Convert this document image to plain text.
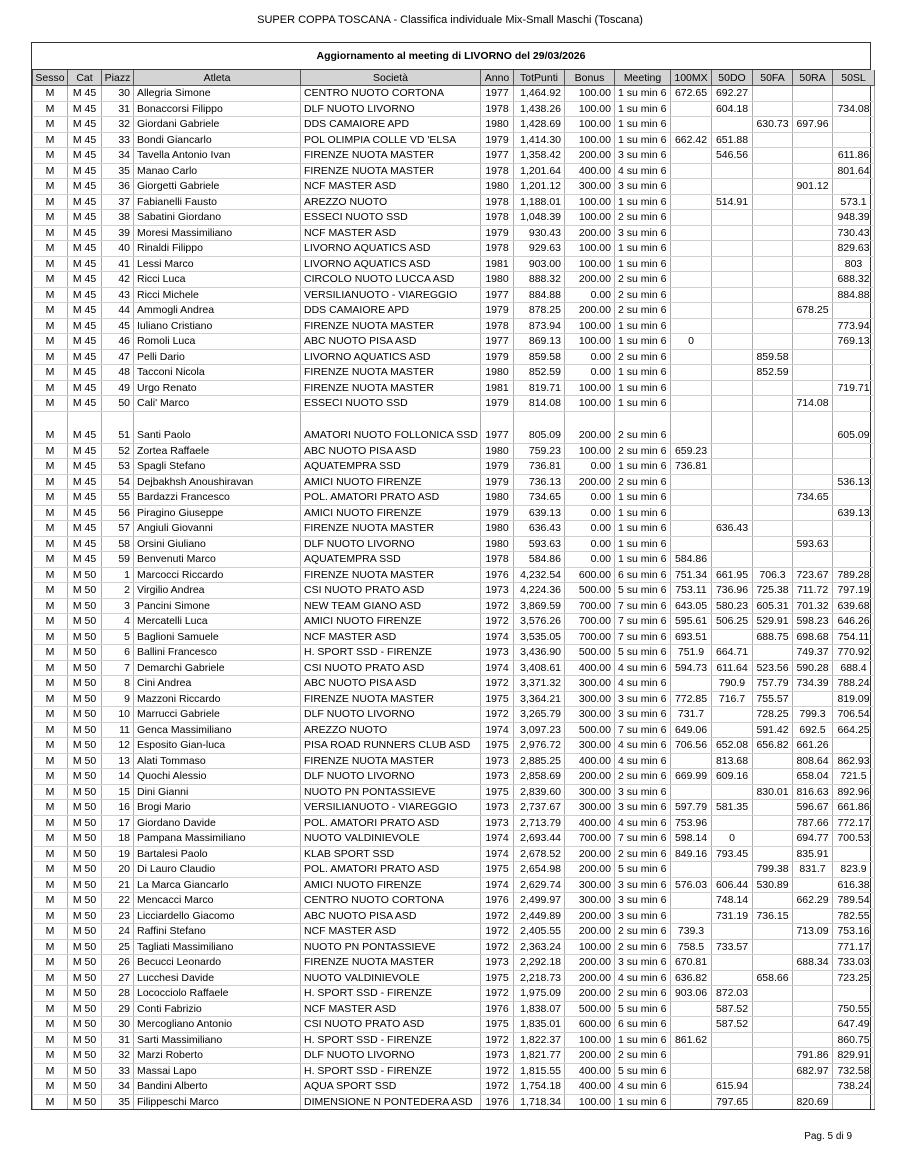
SUPER COPPA TOSCANA - Classifica individuale Mix-Small Maschi (Toscana)
Aggiornamento al meeting di LIVORNO del 29/03/2026
Sesso	Cat	Piazz	Atleta	Società	Anno	TotPunti	Bonus	Meeting	100MX	50DO	50FA	50RA	50SL
M	M 45	30	Allegria Simone	CENTRO NUOTO CORTONA	1977	1,464.92	100.00	1 su min 6	672.65	692.27			
M	M 45	31	Bonaccorsi Filippo	DLF NUOTO LIVORNO	1978	1,438.26	100.00	1 su min 6		604.18			734.08
M	M 45	32	Giordani Gabriele	DDS CAMAIORE APD	1980	1,428.69	100.00	1 su min 6			630.73	697.96	
M	M 45	33	Bondi Giancarlo	POL OLIMPIA COLLE VD 'ELSA	1979	1,414.30	100.00	1 su min 6	662.42	651.88			
M	M 45	34	Tavella Antonio Ivan	FIRENZE NUOTA MASTER	1977	1,358.42	200.00	3 su min 6		546.56			611.86
M	M 45	35	Manao Carlo	FIRENZE NUOTA MASTER	1978	1,201.64	400.00	4 su min 6					801.64
M	M 45	36	Giorgetti Gabriele	NCF MASTER ASD	1980	1,201.12	300.00	3 su min 6				901.12	
M	M 45	37	Fabianelli Fausto	AREZZO NUOTO	1978	1,188.01	100.00	1 su min 6		514.91			573.1
M	M 45	38	Sabatini Giordano	ESSECI NUOTO SSD	1978	1,048.39	100.00	2 su min 6					948.39
M	M 45	39	Moresi Massimiliano	NCF MASTER ASD	1979	930.43	200.00	3 su min 6					730.43
M	M 45	40	Rinaldi Filippo	LIVORNO AQUATICS ASD	1978	929.63	100.00	1 su min 6					829.63
M	M 45	41	Lessi Marco	LIVORNO AQUATICS ASD	1981	903.00	100.00	1 su min 6					803
M	M 45	42	Ricci Luca	CIRCOLO NUOTO LUCCA ASD	1980	888.32	200.00	2 su min 6					688.32
M	M 45	43	Ricci Michele	VERSILIANUOTO - VIAREGGIO	1977	884.88	0.00	2 su min 6					884.88
M	M 45	44	Ammogli Andrea	DDS CAMAIORE APD	1979	878.25	200.00	2 su min 6				678.25	
M	M 45	45	Iuliano Cristiano	FIRENZE NUOTA MASTER	1978	873.94	100.00	1 su min 6					773.94
M	M 45	46	Romoli Luca	ABC NUOTO PISA ASD	1977	869.13	100.00	1 su min 6	0				769.13
M	M 45	47	Pelli Dario	LIVORNO AQUATICS ASD	1979	859.58	0.00	2 su min 6			859.58		
M	M 45	48	Tacconi Nicola	FIRENZE NUOTA MASTER	1980	852.59	0.00	1 su min 6			852.59		
M	M 45	49	Urgo Renato	FIRENZE NUOTA MASTER	1981	819.71	100.00	1 su min 6					719.71
M	M 45	50	Cali' Marco	ESSECI NUOTO SSD	1979	814.08	100.00	1 su min 6				714.08	
M	M 45	51	Santi Paolo	AMATORI NUOTO FOLLONICA SSD	1977	805.09	200.00	2 su min 6					605.09
M	M 45	52	Zortea Raffaele	ABC NUOTO PISA ASD	1980	759.23	100.00	2 su min 6	659.23				
M	M 45	53	Spagli Stefano	AQUATEMPRA SSD	1979	736.81	0.00	1 su min 6	736.81				
M	M 45	54	Dejbakhsh Anoushiravan	AMICI NUOTO FIRENZE	1979	736.13	200.00	2 su min 6					536.13
M	M 45	55	Bardazzi Francesco	POL. AMATORI PRATO ASD	1980	734.65	0.00	1 su min 6				734.65	
M	M 45	56	Piragino Giuseppe	AMICI NUOTO FIRENZE	1979	639.13	0.00	1 su min 6					639.13
M	M 45	57	Angiuli Giovanni	FIRENZE NUOTA MASTER	1980	636.43	0.00	1 su min 6		636.43			
M	M 45	58	Orsini Giuliano	DLF NUOTO LIVORNO	1980	593.63	0.00	1 su min 6				593.63	
M	M 45	59	Benvenuti Marco	AQUATEMPRA SSD	1978	584.86	0.00	1 su min 6	584.86				
M	M 50	1	Marcocci Riccardo	FIRENZE NUOTA MASTER	1976	4,232.54	600.00	6 su min 6	751.34	661.95	706.3	723.67	789.28
M	M 50	2	Virgilio Andrea	CSI NUOTO PRATO ASD	1973	4,224.36	500.00	5 su min 6	753.11	736.96	725.38	711.72	797.19
M	M 50	3	Pancini Simone	NEW TEAM GIANO ASD	1972	3,869.59	700.00	7 su min 6	643.05	580.23	605.31	701.32	639.68
M	M 50	4	Mercatelli Luca	AMICI NUOTO FIRENZE	1972	3,576.26	700.00	7 su min 6	595.61	506.25	529.91	598.23	646.26
M	M 50	5	Baglioni Samuele	NCF MASTER ASD	1974	3,535.05	700.00	7 su min 6	693.51		688.75	698.68	754.11
M	M 50	6	Ballini Francesco	H. SPORT SSD - FIRENZE	1973	3,436.90	500.00	5 su min 6	751.9	664.71		749.37	770.92
M	M 50	7	Demarchi Gabriele	CSI NUOTO PRATO ASD	1974	3,408.61	400.00	4 su min 6	594.73	611.64	523.56	590.28	688.4
M	M 50	8	Cini Andrea	ABC NUOTO PISA ASD	1972	3,371.32	300.00	4 su min 6		790.9	757.79	734.39	788.24
M	M 50	9	Mazzoni Riccardo	FIRENZE NUOTA MASTER	1975	3,364.21	300.00	3 su min 6	772.85	716.7	755.57		819.09
M	M 50	10	Marrucci Gabriele	DLF NUOTO LIVORNO	1972	3,265.79	300.00	3 su min 6	731.7		728.25	799.3	706.54
M	M 50	11	Genca Massimiliano	AREZZO NUOTO	1974	3,097.23	500.00	7 su min 6	649.06		591.42	692.5	664.25
M	M 50	12	Esposito Gian-luca	PISA ROAD RUNNERS CLUB ASD	1975	2,976.72	300.00	4 su min 6	706.56	652.08	656.82	661.26	
M	M 50	13	Alati Tommaso	FIRENZE NUOTA MASTER	1973	2,885.25	400.00	4 su min 6		813.68		808.64	862.93
M	M 50	14	Quochi Alessio	DLF NUOTO LIVORNO	1973	2,858.69	200.00	2 su min 6	669.99	609.16		658.04	721.5
M	M 50	15	Dini Gianni	NUOTO PN PONTASSIEVE	1975	2,839.60	300.00	3 su min 6			830.01	816.63	892.96
M	M 50	16	Brogi Mario	VERSILIANUOTO - VIAREGGIO	1973	2,737.67	300.00	3 su min 6	597.79	581.35		596.67	661.86
M	M 50	17	Giordano Davide	POL. AMATORI PRATO ASD	1973	2,713.79	400.00	4 su min 6	753.96			787.66	772.17
M	M 50	18	Pampana Massimiliano	NUOTO VALDINIEVOLE	1974	2,693.44	700.00	7 su min 6	598.14	0		694.77	700.53
M	M 50	19	Bartalesi Paolo	KLAB SPORT SSD	1974	2,678.52	200.00	2 su min 6	849.16	793.45		835.91	
M	M 50	20	Di Lauro Claudio	POL. AMATORI PRATO ASD	1975	2,654.98	200.00	5 su min 6			799.38	831.7	823.9
M	M 50	21	La Marca Giancarlo	AMICI NUOTO FIRENZE	1974	2,629.74	300.00	3 su min 6	576.03	606.44	530.89		616.38
M	M 50	22	Mencacci Marco	CENTRO NUOTO CORTONA	1976	2,499.97	300.00	3 su min 6		748.14		662.29	789.54
M	M 50	23	Licciardello Giacomo	ABC NUOTO PISA ASD	1972	2,449.89	200.00	3 su min 6		731.19	736.15		782.55
M	M 50	24	Raffini Stefano	NCF MASTER ASD	1972	2,405.55	200.00	2 su min 6	739.3			713.09	753.16
M	M 50	25	Tagliati Massimiliano	NUOTO PN PONTASSIEVE	1972	2,363.24	100.00	2 su min 6	758.5	733.57			771.17
M	M 50	26	Becucci Leonardo	FIRENZE NUOTA MASTER	1973	2,292.18	200.00	3 su min 6	670.81			688.34	733.03
M	M 50	27	Lucchesi Davide	NUOTO VALDINIEVOLE	1975	2,218.73	200.00	4 su min 6	636.82		658.66		723.25
M	M 50	28	Lococciolo Raffaele	H. SPORT SSD - FIRENZE	1972	1,975.09	200.00	2 su min 6	903.06	872.03			
M	M 50	29	Conti Fabrizio	NCF MASTER ASD	1976	1,838.07	500.00	5 su min 6		587.52			750.55
M	M 50	30	Mercogliano Antonio	CSI NUOTO PRATO ASD	1975	1,835.01	600.00	6 su min 6		587.52			647.49
M	M 50	31	Sarti Massimiliano	H. SPORT SSD - FIRENZE	1972	1,822.37	100.00	1 su min 6	861.62				860.75
M	M 50	32	Marzi Roberto	DLF NUOTO LIVORNO	1973	1,821.77	200.00	2 su min 6				791.86	829.91
M	M 50	33	Massai Lapo	H. SPORT SSD - FIRENZE	1972	1,815.55	400.00	5 su min 6				682.97	732.58
M	M 50	34	Bandini Alberto	AQUA SPORT SSD	1972	1,754.18	400.00	4 su min 6		615.94			738.24
M	M 50	35	Filippeschi Marco	DIMENSIONE N PONTEDERA ASD	1976	1,718.34	100.00	1 su min 6		797.65		820.69	
Pag. 5 di 9
